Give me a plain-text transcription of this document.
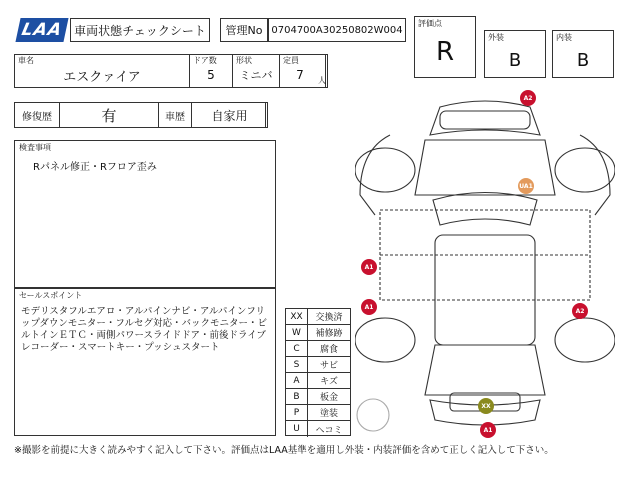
LAA 車両状態チェックシート 管理No 0704700A30250802W004
評価点
R	外装
B
内装
B
車名
エスクァイア
ドア数
5
形状
ミニバ
定員
7	人
修復歴	有	車歴 自家用
検査事項
Rパネル修正・Rフロア歪み
セールスポイント
モデリスタフルエアロ・アルパインナビ・アルパインフリップダウンモニター・フルセグ対応・バックモニター・ビルトインＥＴＣ・両側パワースライドドア・前後ドライブレコーダー・スマートキー・プッシュスタート
XX	交換済
W	補修跡
C	腐食
S	サビ
A	キズ
B	板金
P	塗装
U	ヘコミ
A2
UA1
A1
A1
A2
XX
A1
※撮影を前提に大きく読みやすく記入して下さい。評価点はLAA基準を適用し外装・内装評価を含めて正しく記入して下さい。
